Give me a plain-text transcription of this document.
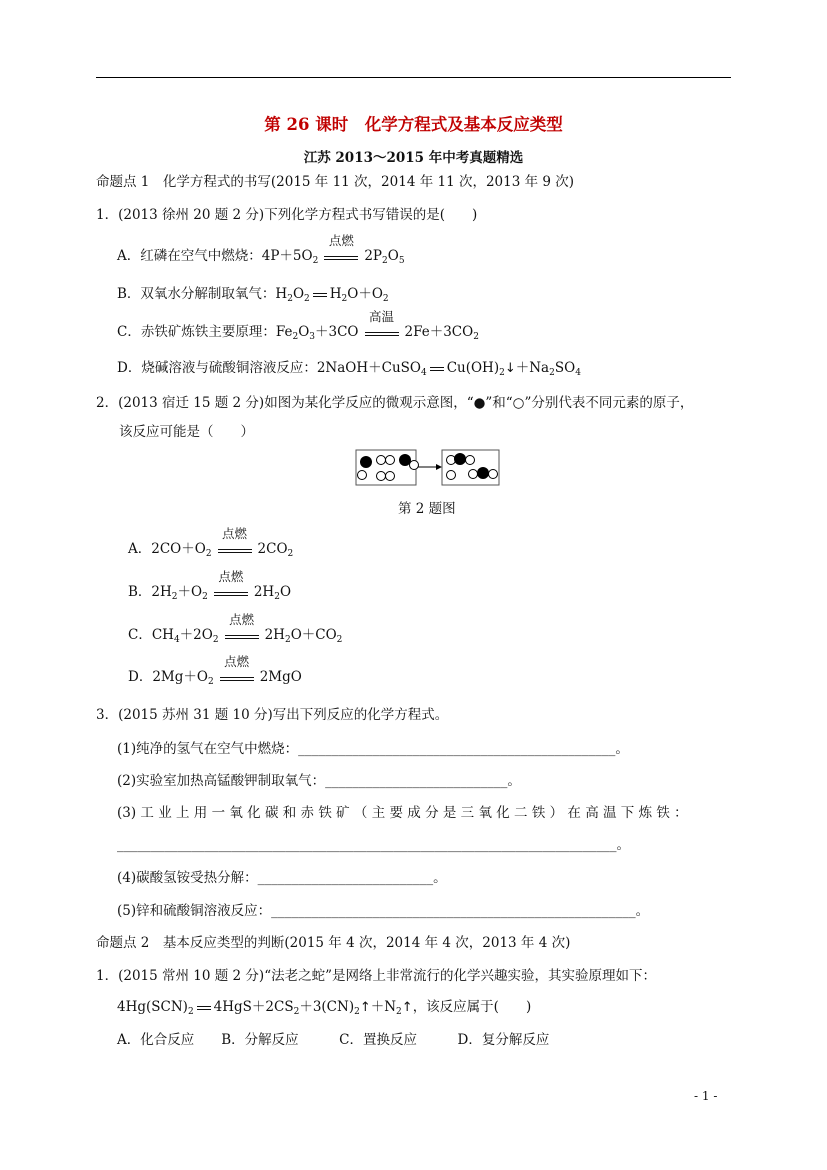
第 26 课时　化学方程式及基本反应类型
江苏 2013～2015 年中考真题精选
命题点 1　化学方程式的书写(2015 年 11 次，2014 年 11 次，2013 年 9 次)
1．(2013 徐州 20 题 2 分)下列化学方程式书写错误的是(　　)
A．红磷在空气中燃烧：$4P+5O_2$
点燃
$2P_2O_5$
B．双氧水分解制取氧气：$H_2O_2$ $H_2O+O_2$
C．赤铁矿炼铁主要原理：$Fe_2O_3+3CO$
高温
$2Fe+3CO_2$
D．烧碱溶液与硫酸铜溶液反应：2NaOH＋CuSO$_4$ $Cu(OH)_2↓+Na_2SO_4$
2．(2013 宿迁 15 题 2 分)如图为某化学反应的微观示意图，“●”和“○”分别代表不同元素的原子，
该反应可能是（　　）
第 2 题图
A．$2CO+O_2$
点燃
$2CO_2$
B．$2H_2+O_2$
点燃
$2H_2O$
C．$CH_4+2O_2$
点燃
$2H_2O+CO_2$
D．$2Mg+O_2$
点燃
2MgO
3．(2015 苏州 31 题 10 分)写出下列反应的化学方程式。
(1)纯净的氢气在空气中燃烧：_______________________________________________。
(2)实验室加热高锰酸钾制取氧气：___________________________。
(3) 工 业 上 用 一 氧 化 碳 和 赤 铁 矿 （ 主 要 成 分 是 三 氧 化 二 铁 ） 在 高 温 下 炼 铁 ：
__________________________________________________________________________。
(4)碳酸氢铵受热分解：__________________________。
(5)锌和硫酸铜溶液反应：______________________________________________________。
命题点 2　基本反应类型的判断(2015 年 4 次，2014 年 4 次，2013 年 4 次)
1．(2015 常州 10 题 2 分)“法老之蛇”是网络上非常流行的化学兴趣实验，其实验原理如下：
$4Hg(SCN)_2$ $4HgS+2CS_2+3(CN)_2↑+N_2↑$，该反应属于(　　)
A．化合反应　　B．分解反应　　　C．置换反应　　　D．复分解反应
- 1 -
